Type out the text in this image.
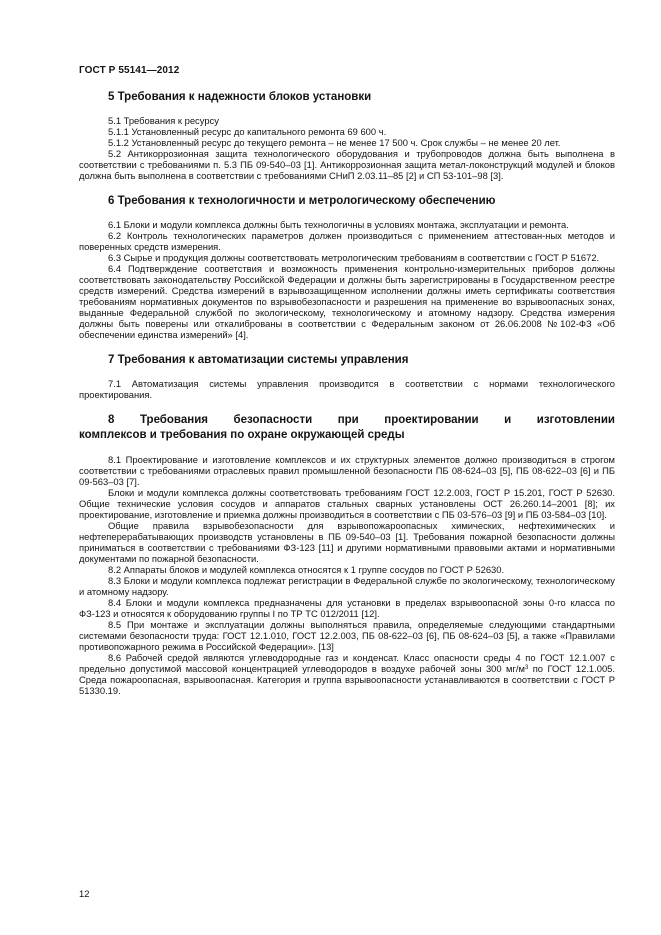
ГОСТ Р 55141—2012
5 Требования к надежности блоков установки

5.1 Требования к ресурсу

5.1.1 Установленный ресурс до капитального ремонта 69 600 ч.

5.1.2 Установленный ресурс до текущего ремонта – не менее 17 500 ч. Срок службы – не менее 20 лет.

5.2 Антикоррозионная защита технологического оборудования и трубопроводов должна быть выполнена в соответствии с требованиями п. 5.3 ПБ 09-540–03 [1]. Антикоррозионная защита метал-локонструкций модулей и блоков должна быть выполнена в соответствии с требованиями СНиП 2.03.11–85 [2] и СП 53-101–98 [3].

6 Требования к технологичности и метрологическому обеспечению

6.1 Блоки и модули комплекса должны быть технологичны в условиях монтажа, эксплуатации и ремонта.

6.2 Контроль технологических параметров должен производиться с применением аттестован-ных методов и поверенных средств измерения.

6.3 Сырье и продукция должны соответствовать метрологическим требованиям в соответствии с ГОСТ Р 51672.

6.4 Подтверждение соответствия и возможность применения контрольно-измерительных приборов должны соответствовать законодательству Российской Федерации и должны быть зарегистрированы в Государственном реестре средств измерений. Средства измерений в взрывозащищенном исполнении должны иметь сертификаты соответствия требованиям нормативных документов по взрывобезопасности и разрешения на применение во взрывоопасных зонах, выданные Федеральной службой по экологическому, технологическому и атомному надзору. Средства измерения должны быть поверены или откалиброваны в соответствии с Федеральным законом от 26.06.2008 №102-ФЗ «Об обеспечении единства измерений» [4].

7 Требования к автоматизации системы управления

7.1 Автоматизация системы управления производится в соответствии с нормами технологического проектирования.

8 Требования безопасности при проектировании и изготовлении
комплексов и требования по охране окружающей среды

8.1 Проектирование и изготовление комплексов и их структурных элементов должно производиться в строгом соответствии с требованиями отраслевых правил промышленной безопасности ПБ 08-624–03 [5], ПБ 08-622–03 [6] и ПБ 09-563–03 [7].

Блоки и модули комплекса должны соответствовать требованиям ГОСТ 12.2.003, ГОСТ Р 15.201, ГОСТ Р 52630. Общие технические условия сосудов и аппаратов стальных сварных установлены ОСТ 26.260.14–2001 [8]; их проектирование, изготовление и приемка должны производиться в соответствии с ПБ 03-576–03 [9] и ПБ 03-584–03 [10].

Общие правила взрывобезопасности для взрывопожароопасных химических, нефтехимических и нефтеперерабатывающих производств установлены в ПБ 09-540–03 [1]. Требования пожарной безопасности должны приниматься в соответствии с требованиями ФЗ-123 [11] и другими нормативными правовыми актами и нормативными документами по пожарной безопасности.

8.2 Аппараты блоков и модулей комплекса относятся к 1 группе сосудов по ГОСТ Р 52630.

8.3 Блоки и модули комплекса подлежат регистрации в Федеральной службе по экологическому, технологическому и атомному надзору.

8.4 Блоки и модули комплекса предназначены для установки в пределах взрывоопасной зоны 0-го класса по ФЗ-123 и относятся к оборудованию группы I по ТР ТС 012/2011 [12].

8.5 При монтаже и эксплуатации должны выполняться правила, определяемые следующими стандартными системами безопасности труда: ГОСТ 12.1.010, ГОСТ 12.2.003, ПБ 08-622–03 [6], ПБ 08-624–03 [5], а также «Правилами противопожарного режима в Российской Федерации». [13]

8.6 Рабочей средой являются углеводородные газ и конденсат. Класс опасности среды 4 по ГОСТ 12.1.007 с предельно допустимой массовой концентрацией углеводородов в воздухе рабочей зоны 300 $мг/м^3$ по ГОСТ 12.1.005. Среда пожароопасная, взрывоопасная. Категория и группа взрывоопасности устанавливаются в соответствии с ГОСТ Р 51330.19.

12
